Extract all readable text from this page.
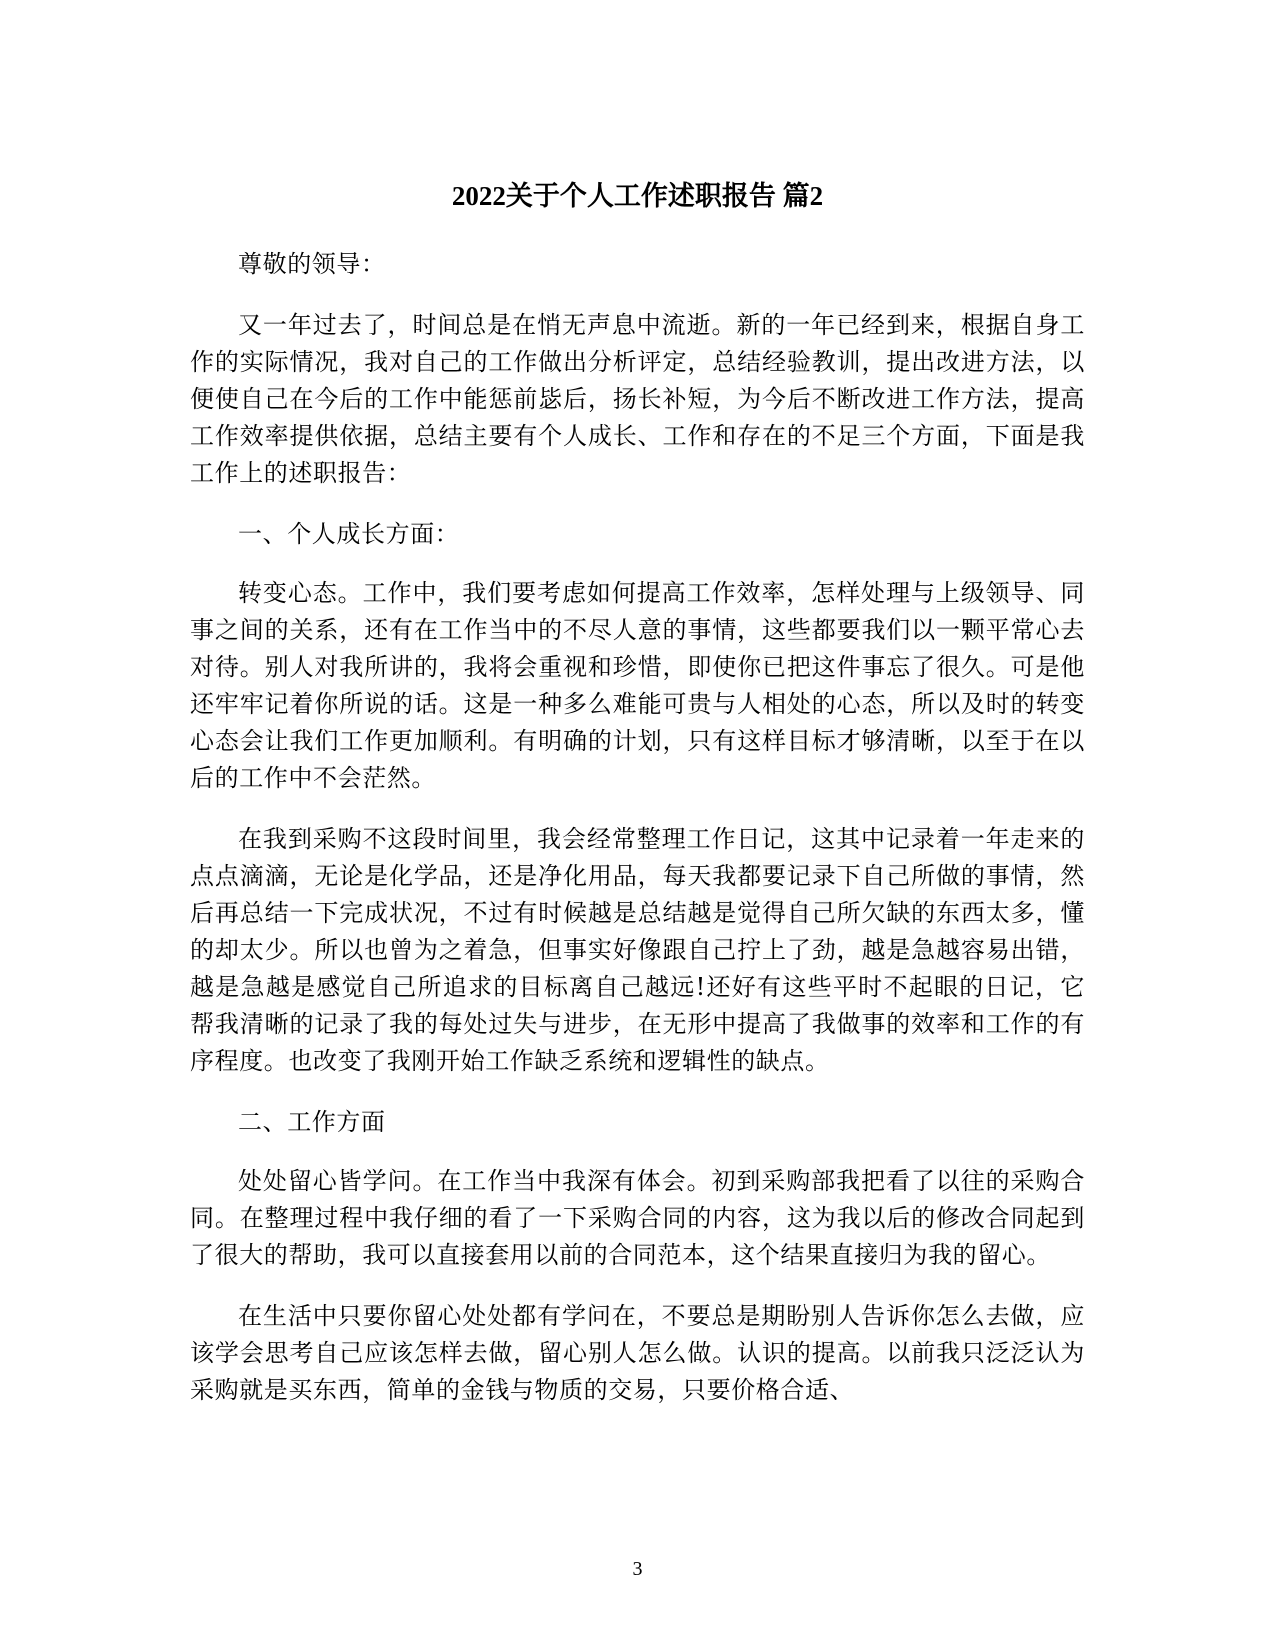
2022关于个人工作述职报告 篇2

尊敬的领导：

又一年过去了，时间总是在悄无声息中流逝。新的一年已经到来，根据自身工作的实际情况，我对自己的工作做出分析评定，总结经验教训，提出改进方法，以便使自己在今后的工作中能惩前毖后，扬长补短，为今后不断改进工作方法，提高工作效率提供依据，总结主要有个人成长、工作和存在的不足三个方面，下面是我工作上的述职报告：

一、个人成长方面：

转变心态。工作中，我们要考虑如何提高工作效率，怎样处理与上级领导、同事之间的关系，还有在工作当中的不尽人意的事情，这些都要我们以一颗平常心去对待。别人对我所讲的，我将会重视和珍惜，即使你已把这件事忘了很久。可是他还牢牢记着你所说的话。这是一种多么难能可贵与人相处的心态，所以及时的转变心态会让我们工作更加顺利。有明确的计划，只有这样目标才够清晰，以至于在以后的工作中不会茫然。

在我到采购不这段时间里，我会经常整理工作日记，这其中记录着一年走来的点点滴滴，无论是化学品，还是净化用品，每天我都要记录下自己所做的事情，然后再总结一下完成状况，不过有时候越是总结越是觉得自己所欠缺的东西太多，懂的却太少。所以也曾为之着急，但事实好像跟自己拧上了劲，越是急越容易出错，越是急越是感觉自己所追求的目标离自己越远!还好有这些平时不起眼的日记，它帮我清晰的记录了我的每处过失与进步，在无形中提高了我做事的效率和工作的有序程度。也改变了我刚开始工作缺乏系统和逻辑性的缺点。

二、工作方面

处处留心皆学问。在工作当中我深有体会。初到采购部我把看了以往的采购合同。在整理过程中我仔细的看了一下采购合同的内容，这为我以后的修改合同起到了很大的帮助，我可以直接套用以前的合同范本，这个结果直接归为我的留心。

在生活中只要你留心处处都有学问在，不要总是期盼别人告诉你怎么去做，应该学会思考自己应该怎样去做，留心别人怎么做。认识的提高。以前我只泛泛认为采购就是买东西，简单的金钱与物质的交易，只要价格合适、

3
